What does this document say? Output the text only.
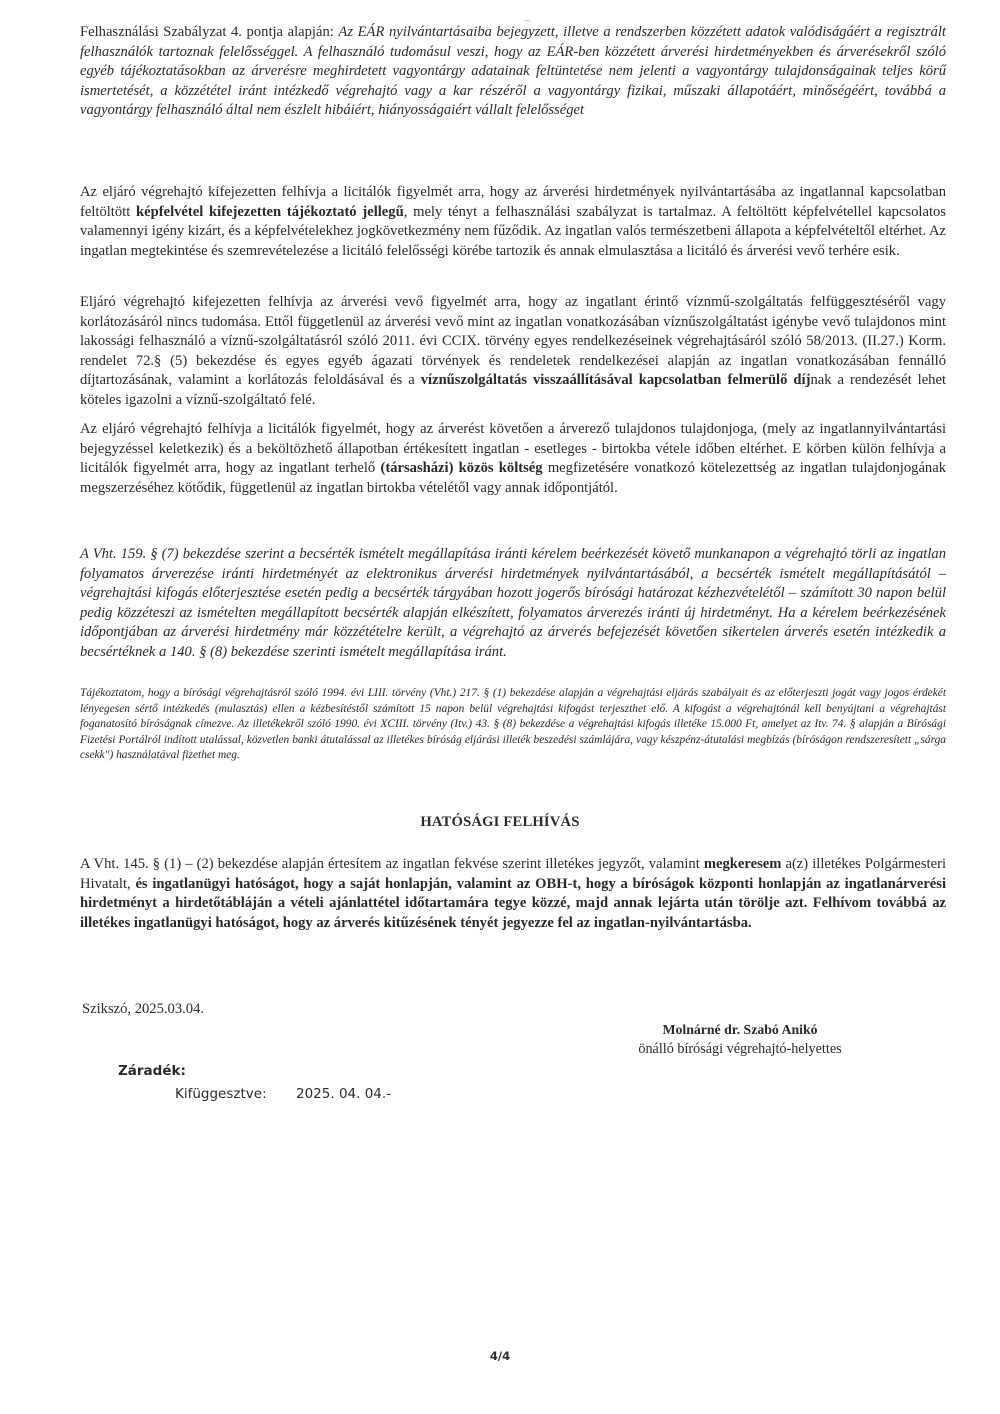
Felhasználási Szabályzat 4. pontja alapján: Az EÁR nyilvántartásaiba bejegyzett, illetve a rendszerben közzétett adatok valódiságáért a regisztrált felhasználók tartoznak felelősséggel. A felhasználó tudomásul veszi, hogy az EÁR-ben közzétett árverési hirdetményekben és árverésekről szóló egyéb tájékoztatásokban az árverésre meghirdetett vagyontárgy adatainak feltüntetése nem jelenti a vagyontárgy tulajdonságainak teljes körű ismertetését, a közzététel iránt intézkedő végrehajtó vagy a kar részéről a vagyontárgy fizikai, műszaki állapotáért, minőségéért, továbbá a vagyontárgy felhasználó által nem észlelt hibáiért, hiányosságaiért vállalt felelősséget

Az eljáró végrehajtó kifejezetten felhívja a licitálók figyelmét arra, hogy az árverési hirdetmények nyilvántartásába az ingatlannal kapcsolatban feltöltött képfelvétel kifejezetten tájékoztató jellegű, mely tényt a felhasználási szabályzat is tartalmaz. A feltöltött képfelvétellel kapcsolatos valamennyi igény kizárt, és a képfelvételekhez jogkövetkezmény nem fűződik. Az ingatlan valós természetbeni állapota a képfelvételtől eltérhet. Az ingatlan megtekintése és szemrevételezése a licitáló felelősségi körébe tartozik és annak elmulasztása a licitáló és árverési vevő terhére esik.

Eljáró végrehajtó kifejezetten felhívja az árverési vevő figyelmét arra, hogy az ingatlant érintő víznmű-szolgáltatás felfüggesztéséről vagy korlátozásáról nincs tudomása. Ettől függetlenül az árverési vevő mint az ingatlan vonatkozásában víznűszolgáltatást igénybe vevő tulajdonos mint lakossági felhasználó a víznű-szolgáltatásról szóló 2011. évi CCIX. törvény egyes rendelkezéseinek végrehajtásáról szóló 58/2013. (II.27.) Korm. rendelet 72.§ (5) bekezdése és egyes egyéb ágazati törvények és rendeletek rendelkezései alapján az ingatlan vonatkozásában fennálló díjtartozásának, valamint a korlátozás feloldásával és a víznűszolgáltatás visszaállításával kapcsolatban felmerülő díjnak a rendezését lehet köteles igazolni a víznű-szolgáltató felé.

Az eljáró végrehajtó felhívja a licitálók figyelmét, hogy az árverést követően a árverező tulajdonos tulajdonjoga, (mely az ingatlannyilvántartási bejegyzéssel keletkezik) és a beköltözhető állapotban értékesített ingatlan - esetleges - birtokba vétele időben eltérhet. E körben külön felhívja a licitálók figyelmét arra, hogy az ingatlant terhelő (társasházi) közös költség megfizetésére vonatkozó kötelezettség az ingatlan tulajdonjogának megszerzéséhez kötődik, függetlenül az ingatlan birtokba vételétől vagy annak időpontjától.

A Vht. 159. § (7) bekezdése szerint a becsérték ismételt megállapítása iránti kérelem beérkezését követő munkanapon a végrehajtó törli az ingatlan folyamatos árverezése iránti hirdetményét az elektronikus árverési hirdetmények nyilvántartásából, a becsérték ismételt megállapításától – végrehajtási kifogás előterjesztése esetén pedig a becsérték tárgyában hozott jogerős bírósági határozat kézhezvételétől – számított 30 napon belül pedig közzéteszi az ismételten megállapított becsérték alapján elkészített, folyamatos árverezés iránti új hirdetményt. Ha a kérelem beérkezésének időpontjában az árverési hirdetmény már közzétételre került, a végrehajtó az árverés befejezését követően sikertelen árverés esetén intézkedik a becsértéknek a 140. § (8) bekezdése szerinti ismételt megállapítása iránt.

Tájékoztatom, hogy a bírósági végrehajtásról szóló 1994. évi LIII. törvény (Vht.) 217. § (1) bekezdése alapján a végrehajtási eljárás szabályait és az előterjeszti jogát vagy jogos érdekét lényegesen sértő intézkedés (mulasztás) ellen a kézbesítéstől számított 15 napon belül végrehajtási kifogást terjeszthet elő. A kifogást a végrehajtónál kell benyújtani a végrehajtást foganatosító bíróságnak címezve. Az illetékekről szóló 1990. évi XCIII. törvény (Itv.) 43. § (8) bekezdése a végrehajtási kifogás illetéke 15.000 Ft, amelyet az Itv. 74. § alapján a Bírósági Fizetési Portálról indított utalással, közvetlen banki átutalással az illetékes bíróság eljárási illeték beszedési számlájára, vagy készpénz-átutalási megbízás (bíróságon rendszeresített „sárga csekk") használatával fizethet meg.

HATÓSÁGI FELHÍVÁS

A Vht. 145. § (1) – (2) bekezdése alapján értesítem az ingatlan fekvése szerint illetékes jegyzőt, valamint megkeresem a(z) illetékes Polgármesteri Hivatalt, és ingatlanügyi hatóságot, hogy a saját honlapján, valamint az OBH-t, hogy a bíróságok központi honlapján az ingatlanárverési hirdetményt a hirdetőtábláján a vételi ajánlattétel időtartamára tegye közzé, majd annak lejárta után törölje azt. Felhívom továbbá az illetékes ingatlanügyi hatóságot, hogy az árverés kitűzésének tényét jegyezze fel az ingatlan-nyilvántartásba.

Szikszó, 2025.03.04.
Molnárné dr. Szabó Anikó
önálló bírósági végrehajtó-helyettes
Záradék:
Kifüggesztve: 2025. 04. 04.-
4/4
